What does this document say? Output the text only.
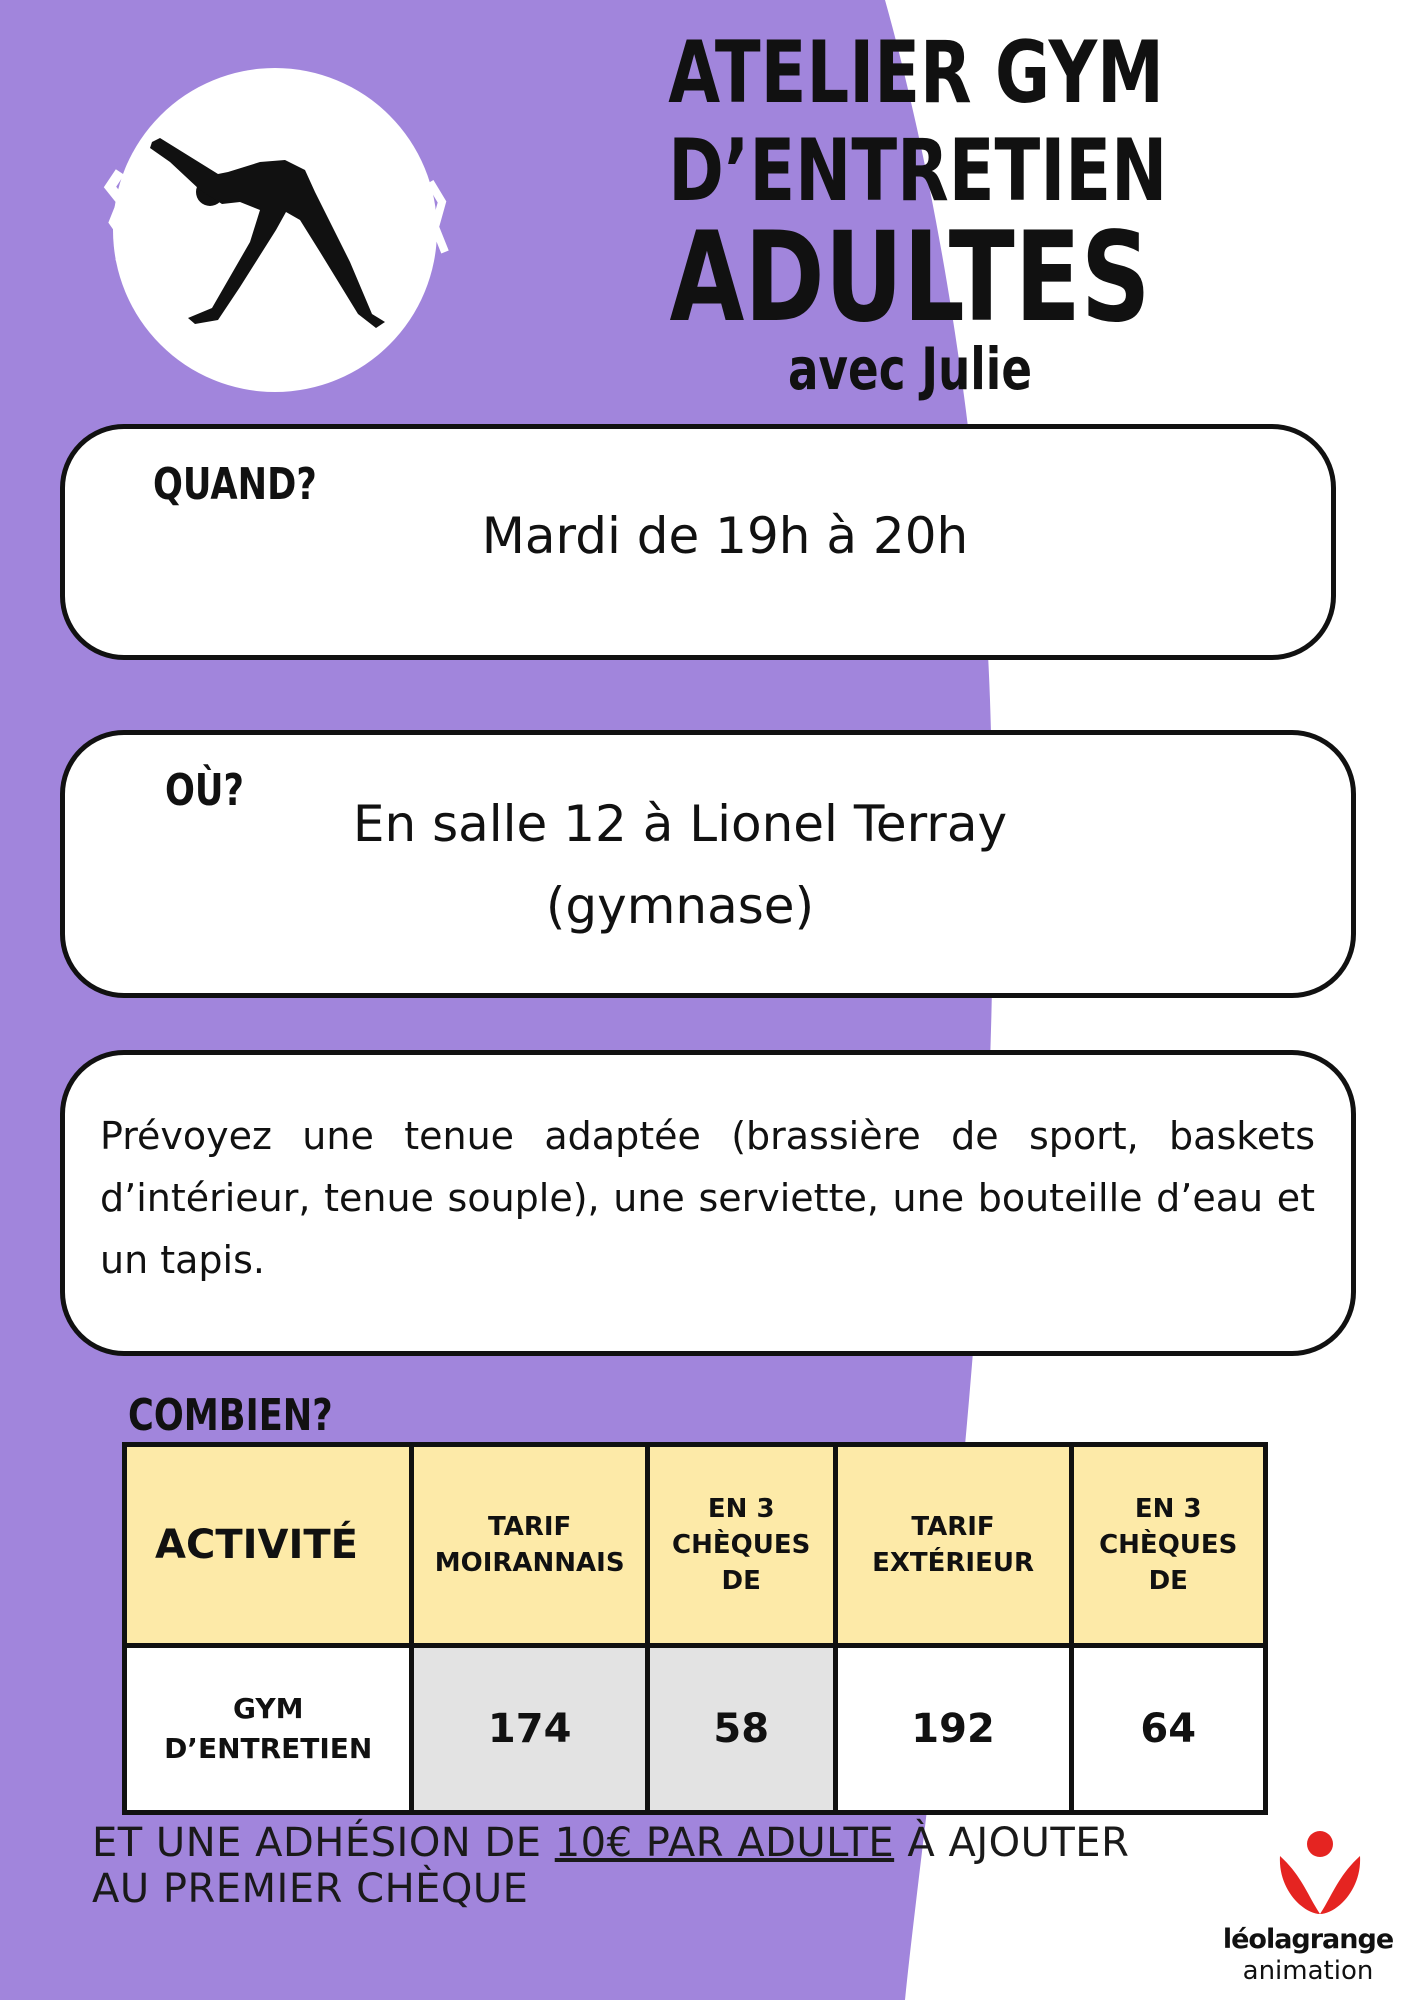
ATELIER GYM
D’ENTRETIEN
ADULTES
avec Julie
QUAND?
Mardi de 19h à 20h
OÙ?
En salle 12 à Lionel Terray
(gymnase)
Prévoyez une tenue adaptée (brassière de sport, baskets d’intérieur, tenue souple), une serviette, une bouteille d’eau et un tapis.
COMBIEN?
ACTIVITÉ	TARIF MOIRANNAIS	EN 3 CHÈQUES DE	TARIF EXTÉRIEUR	EN 3 CHÈQUES DE
GYM D’ENTRETIEN	174	58	192	64
ET UNE ADHÉSION DE 10€ PAR ADULTE À AJOUTER AU PREMIER CHÈQUE
léolagrange
animation
